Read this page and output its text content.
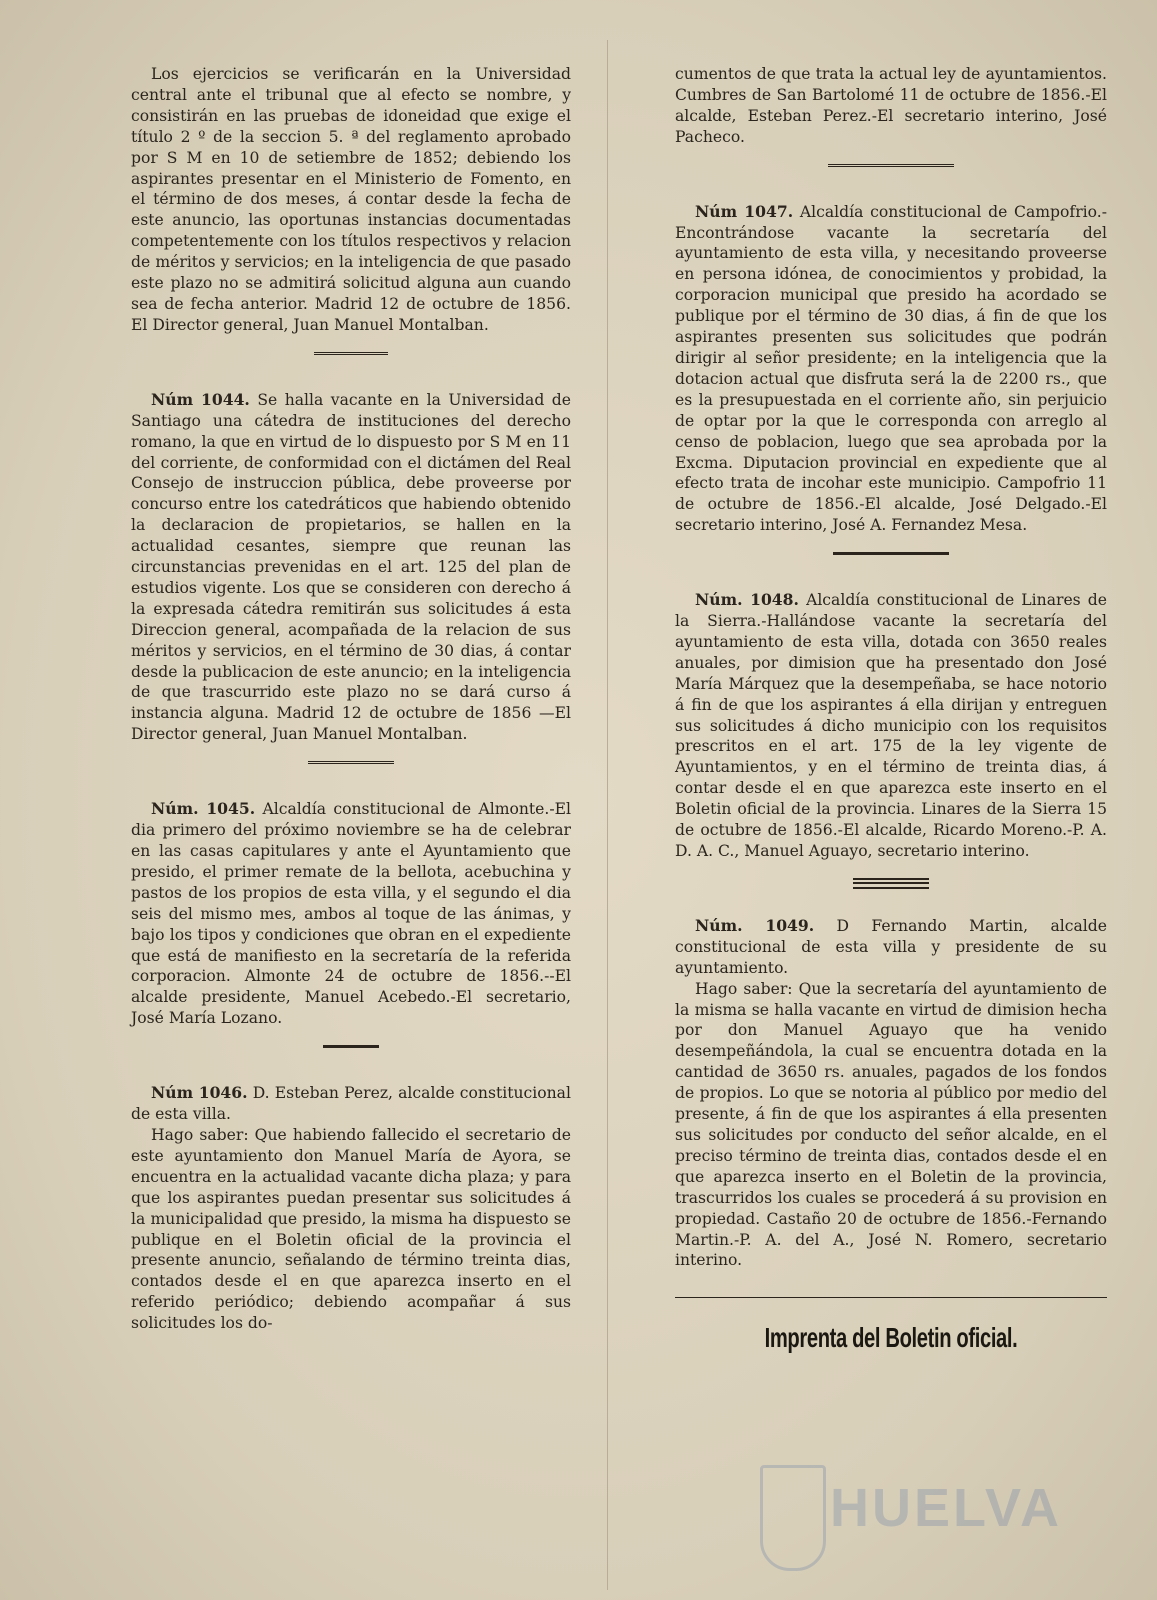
Los ejercicios se verificarán en la Universidad central ante el tribunal que al efecto se nombre, y consistirán en las pruebas de idoneidad que exige el título 2 º de la seccion 5. ª del reglamento aprobado por S M en 10 de setiembre de 1852; debiendo los aspirantes presentar en el Ministerio de Fomento, en el término de dos meses, á contar desde la fecha de este anuncio, las oportunas instancias documentadas competentemente con los títulos respectivos y relacion de méritos y servicios; en la inteligencia de que pasado este plazo no se admitirá solicitud alguna aun cuando sea de fecha anterior. Madrid 12 de octubre de 1856. El Director general, Juan Manuel Montalban.

Núm 1044. Se halla vacante en la Universidad de Santiago una cátedra de instituciones del derecho romano, la que en virtud de lo dispuesto por S M en 11 del corriente, de conformidad con el dictámen del Real Consejo de instruccion pública, debe proveerse por concurso entre los catedráticos que habiendo obtenido la declaracion de propietarios, se hallen en la actualidad cesantes, siempre que reunan las circunstancias prevenidas en el art. 125 del plan de estudios vigente. Los que se consideren con derecho á la expresada cátedra remitirán sus solicitudes á esta Direccion general, acompañada de la relacion de sus méritos y servicios, en el término de 30 dias, á contar desde la publicacion de este anuncio; en la inteligencia de que trascurrido este plazo no se dará curso á instancia alguna. Madrid 12 de octubre de 1856 —El Director general, Juan Manuel Montalban.

Núm. 1045. Alcaldía constitucional de Almonte.-El dia primero del próximo noviembre se ha de celebrar en las casas capitulares y ante el Ayuntamiento que presido, el primer remate de la bellota, acebuchina y pastos de los propios de esta villa, y el segundo el dia seis del mismo mes, ambos al toque de las ánimas, y bajo los tipos y condiciones que obran en el expediente que está de manifiesto en la secretaría de la referida corporacion. Almonte 24 de octubre de 1856.--El alcalde presidente, Manuel Acebedo.-El secretario, José María Lozano.

Núm 1046. D. Esteban Perez, alcalde constitucional de esta villa.

Hago saber: Que habiendo fallecido el secretario de este ayuntamiento don Manuel María de Ayora, se encuentra en la actualidad vacante dicha plaza; y para que los aspirantes puedan presentar sus solicitudes á la municipalidad que presido, la misma ha dispuesto se publique en el Boletin oficial de la provincia el presente anuncio, señalando de término treinta dias, contados desde el en que aparezca inserto en el referido periódico; debiendo acompañar á sus solicitudes los do-

cumentos de que trata la actual ley de ayuntamientos. Cumbres de San Bartolomé 11 de octubre de 1856.-El alcalde, Esteban Perez.-El secretario interino, José Pacheco.

Núm 1047. Alcaldía constitucional de Campofrio.-Encontrándose vacante la secretaría del ayuntamiento de esta villa, y necesitando proveerse en persona idónea, de conocimientos y probidad, la corporacion municipal que presido ha acordado se publique por el término de 30 dias, á fin de que los aspirantes presenten sus solicitudes que podrán dirigir al señor presidente; en la inteligencia que la dotacion actual que disfruta será la de 2200 rs., que es la presupuestada en el corriente año, sin perjuicio de optar por la que le corresponda con arreglo al censo de poblacion, luego que sea aprobada por la Excma. Diputacion provincial en expediente que al efecto trata de incohar este municipio. Campofrio 11 de octubre de 1856.-El alcalde, José Delgado.-El secretario interino, José A. Fernandez Mesa.

Núm. 1048. Alcaldía constitucional de Linares de la Sierra.-Hallándose vacante la secretaría del ayuntamiento de esta villa, dotada con 3650 reales anuales, por dimision que ha presentado don José María Márquez que la desempeñaba, se hace notorio á fin de que los aspirantes á ella dirijan y entreguen sus solicitudes á dicho municipio con los requisitos prescritos en el art. 175 de la ley vigente de Ayuntamientos, y en el término de treinta dias, á contar desde el en que aparezca este inserto en el Boletin oficial de la provincia. Linares de la Sierra 15 de octubre de 1856.-El alcalde, Ricardo Moreno.-P. A. D. A. C., Manuel Aguayo, secretario interino.

Núm. 1049. D Fernando Martin, alcalde constitucional de esta villa y presidente de su ayuntamiento.

Hago saber: Que la secretaría del ayuntamiento de la misma se halla vacante en virtud de dimision hecha por don Manuel Aguayo que ha venido desempeñándola, la cual se encuentra dotada en la cantidad de 3650 rs. anuales, pagados de los fondos de propios. Lo que se notoria al público por medio del presente, á fin de que los aspirantes á ella presenten sus solicitudes por conducto del señor alcalde, en el preciso término de treinta dias, contados desde el en que aparezca inserto en el Boletin de la provincia, trascurridos los cuales se procederá á su provision en propiedad. Castaño 20 de octubre de 1856.-Fernando Martin.-P. A. del A., José N. Romero, secretario interino.

Imprenta del Boletin oficial.

HUELVA
